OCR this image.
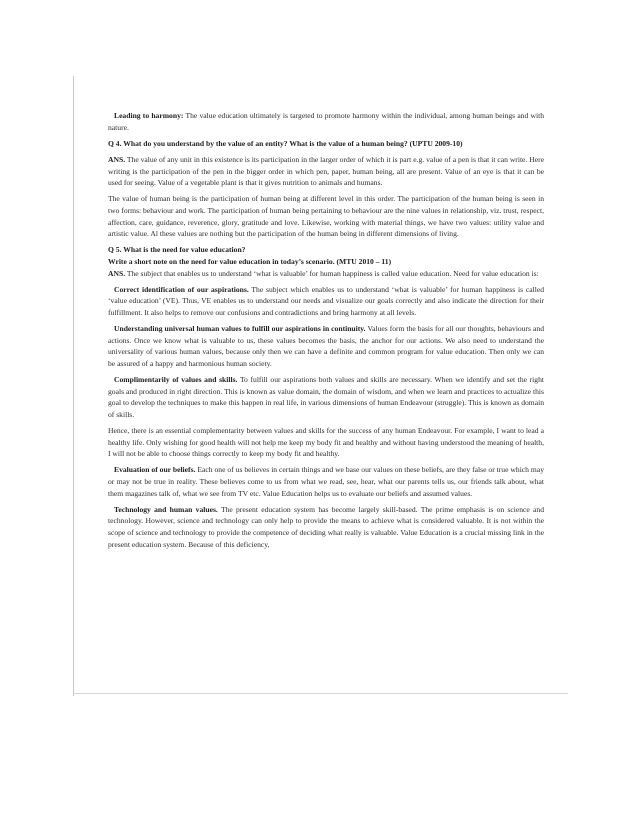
Leading to harmony: The value education ultimately is targeted to promote harmony within the individual, among human beings and with nature.

Q 4. What do you understand by the value of an entity? What is the value of a human being? (UPTU 2009-10)

ANS. The value of any unit in this existence is its participation in the larger order of which it is part e.g. value of a pen is that it can write. Here writing is the participation of the pen in the bigger order in which pen, paper, human being, all are present. Value of an eye is that it can be used for seeing. Value of a vegetable plant is that it gives nutrition to animals and humans.

The value of human being is the participation of human being at different level in this order. The participation of the human being is seen in two forms: behaviour and work. The participation of human being pertaining to behaviour are the nine values in relationship, viz. trust, respect, affection, care, guidance, reverence, glory, gratitude and love. Likewise, working with material things, we have two values: utility value and artistic value. Al these values are nothing but the participation of the human being in different dimensions of living.

Q 5. What is the need for value education?

Write a short note on the need for value education in today’s scenario. (MTU 2010 – 11)

ANS. The subject that enables us to understand ‘what is valuable’ for human happiness is called value education. Need for value education is:

Correct identification of our aspirations. The subject which enables us to understand ‘what is valuable’ for human happiness is called ‘value education’ (VE). Thus, VE enables us to understand our needs and visualize our goals correctly and also indicate the direction for their fulfillment. It also helps to remove our confusions and contradictions and bring harmony at all levels.

Understanding universal human values to fulfill our aspirations in continuity. Values form the basis for all our thoughts, behaviours and actions. Once we know what is valuable to us, these values becomes the basis, the anchor for our actions. We also need to understand the universality of various human values, because only then we can have a definite and common program for value education. Then only we can be assured of a happy and harmonious human society.

Complimentarily of values and skills. To fulfill our aspirations both values and skills are necessary. When we identify and set the right goals and produced in right direction. This is known as value domain, the domain of wisdom, and when we learn and practices to actualize this goal to develop the techniques to make this happen in real life, in various dimensions of human Endeavour (struggle). This is known as domain of skills.

Hence, there is an essential complementarity between values and skills for the success of any human Endeavour. For example, I want to lead a healthy life. Only wishing for good health will not help me keep my body fit and healthy and without having understood the meaning of health, I will not be able to choose things correctly to keep my body fit and healthy.

Evaluation of our beliefs. Each one of us believes in certain things and we base our values on these beliefs, are they false or true which may or may not be true in reality. These believes come to us from what we read, see, hear, what our parents tells us, our friends talk about, what them magazines talk of, what we see from TV etc. Value Education helps us to evaluate our beliefs and assumed values.

Technology and human values. The present education system has become largely skill-based. The prime emphasis is on science and technology. However, science and technology can only help to provide the means to achieve what is considered valuable. It is not within the scope of science and technology to provide the competence of deciding what really is valuable. Value Education is a crucial missing link in the present education system. Because of this deficiency,
